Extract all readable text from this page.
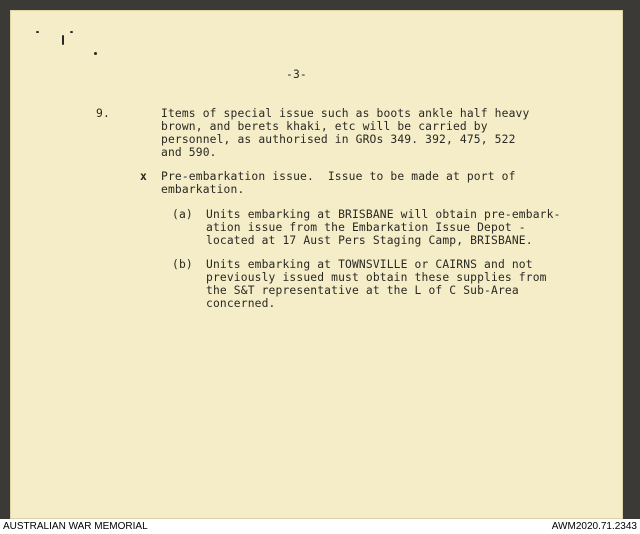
-3-
9.	Items of special issue such as boots ankle half heavy
brown, and berets khaki, etc will be carried by
personnel, as authorised in GROs 349. 392, 475, 522
and 590.
x Pre-embarkation issue.  Issue to be made at port of
embarkation.
(a) Units embarking at BRISBANE will obtain pre-embark-
ation issue from the Embarkation Issue Depot -
located at 17 Aust Pers Staging Camp, BRISBANE.
(b) Units embarking at TOWNSVILLE or CAIRNS and not
previously issued must obtain these supplies from
the S&T representative at the L of C Sub-Area
concerned.
AUSTRALIAN WAR MEMORIAL	AWM2020.71.2343
